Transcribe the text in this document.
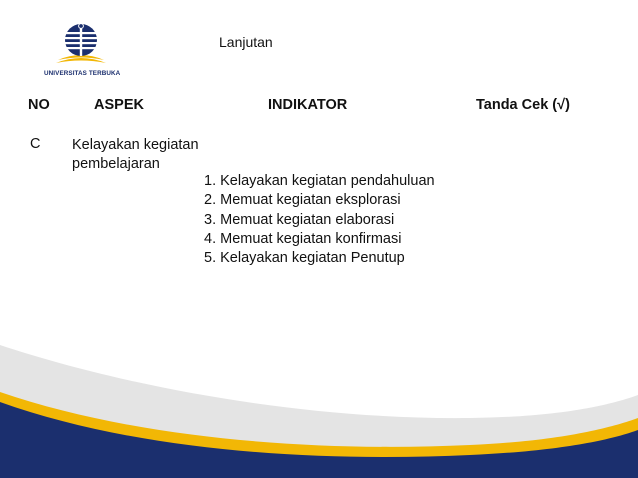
UNIVERSITAS TERBUKA
Lanjutan
NO	ASPEK	INDIKATOR	Tanda Cek (√)
C Kelayakan kegiatan
pembelajaran
1. Kelayakan kegiatan pendahuluan
2. Memuat kegiatan eksplorasi
3. Memuat kegiatan elaborasi
4. Memuat kegiatan konfirmasi
5. Kelayakan kegiatan Penutup
